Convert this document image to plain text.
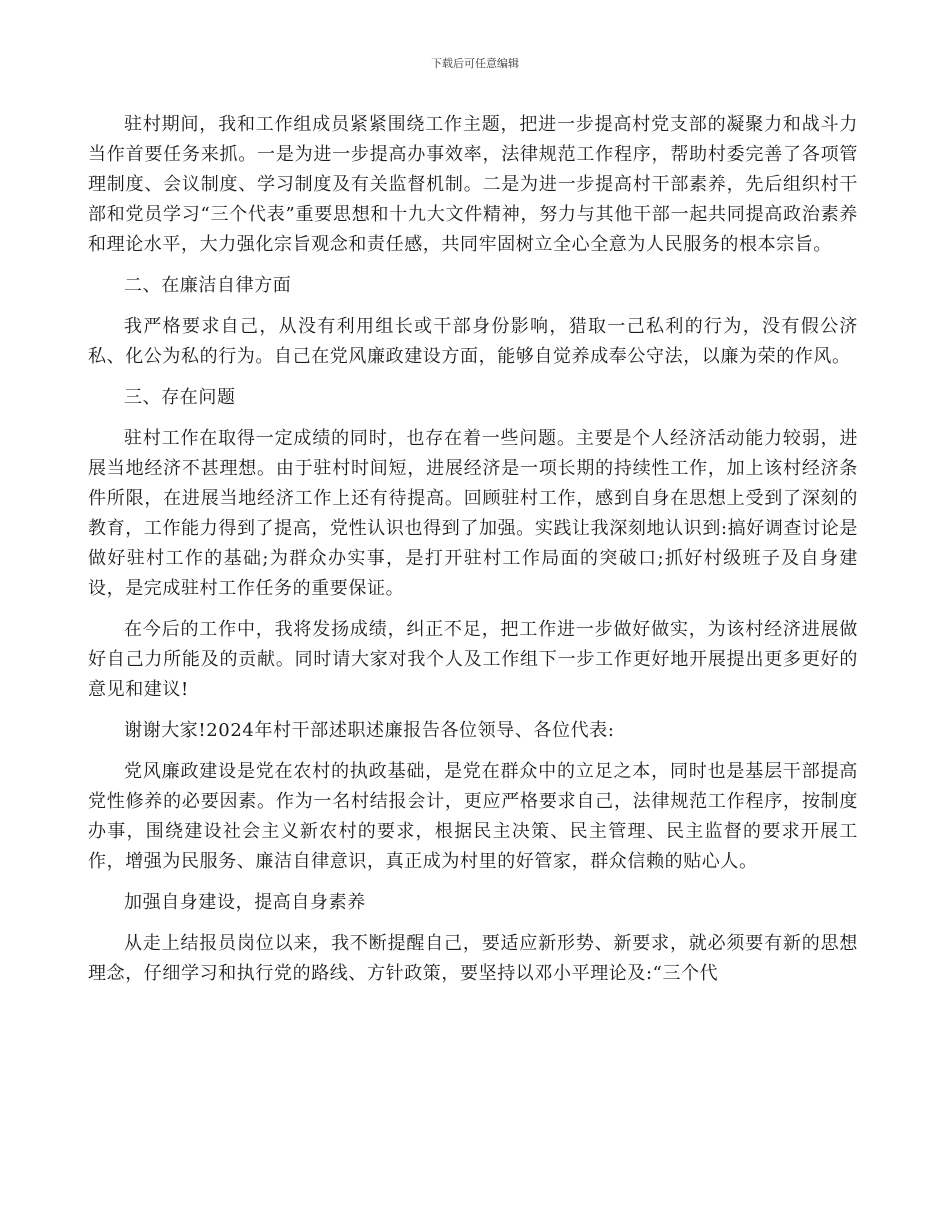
下载后可任意编辑

驻村期间，我和工作组成员紧紧围绕工作主题，把进一步提高村党支部的凝聚力和战斗力当作首要任务来抓。一是为进一步提高办事效率，法律规范工作程序，帮助村委完善了各项管理制度、会议制度、学习制度及有关监督机制。二是为进一步提高村干部素养，先后组织村干部和党员学习“三个代表”重要思想和十九大文件精神，努力与其他干部一起共同提高政治素养和理论水平，大力强化宗旨观念和责任感，共同牢固树立全心全意为人民服务的根本宗旨。

二、在廉洁自律方面

我严格要求自己，从没有利用组长或干部身份影响，猎取一己私利的行为，没有假公济私、化公为私的行为。自己在党风廉政建设方面，能够自觉养成奉公守法，以廉为荣的作风。

三、存在问题

驻村工作在取得一定成绩的同时，也存在着一些问题。主要是个人经济活动能力较弱，进展当地经济不甚理想。由于驻村时间短，进展经济是一项长期的持续性工作，加上该村经济条件所限，在进展当地经济工作上还有待提高。回顾驻村工作，感到自身在思想上受到了深刻的教育，工作能力得到了提高，党性认识也得到了加强。实践让我深刻地认识到:搞好调查讨论是做好驻村工作的基础;为群众办实事，是打开驻村工作局面的突破口;抓好村级班子及自身建设，是完成驻村工作任务的重要保证。

在今后的工作中，我将发扬成绩，纠正不足，把工作进一步做好做实，为该村经济进展做好自己力所能及的贡献。同时请大家对我个人及工作组下一步工作更好地开展提出更多更好的意见和建议!

谢谢大家!2024年村干部述职述廉报告各位领导、各位代表:

党风廉政建设是党在农村的执政基础，是党在群众中的立足之本，同时也是基层干部提高党性修养的必要因素。作为一名村结报会计，更应严格要求自己，法律规范工作程序，按制度办事，围绕建设社会主义新农村的要求，根据民主决策、民主管理、民主监督的要求开展工作，增强为民服务、廉洁自律意识，真正成为村里的好管家，群众信赖的贴心人。

加强自身建设，提高自身素养

从走上结报员岗位以来，我不断提醒自己，要适应新形势、新要求，就必须要有新的思想理念，仔细学习和执行党的路线、方针政策，要坚持以邓小平理论及:“三个代
